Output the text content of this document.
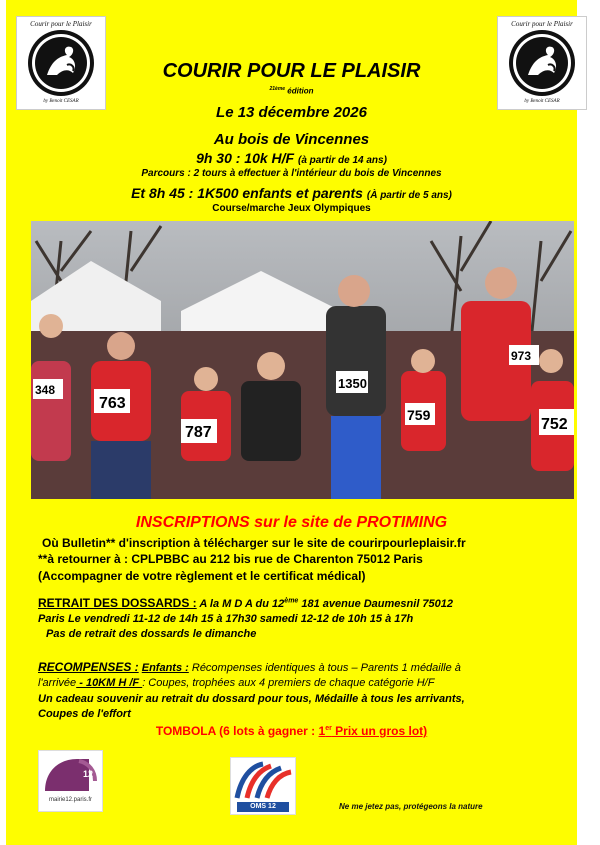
Courir pour le Plaisir
by Benoit CESAR
Courir pour le Plaisir
by Benoit CESAR
COURIR POUR LE PLAISIR
$^{21ème}$ édition
Le 13 décembre 2026
Au bois de Vincennes
9h 30 : 10k H/F (à partir de 14 ans)
Parcours : 2 tours à effectuer à l'intérieur du bois de Vincennes
Et 8h 45 : 1K500 enfants et parents (À partir de 5 ans)
Course/marche Jeux Olympiques
763
787
1350
759
752
348
973
INSCRIPTIONS sur le site de PROTIMING
Où Bulletin** d'inscription à télécharger sur le site de courirpourleplaisir.fr
**à retourner à : CPLPBBC au 212 bis rue de Charenton 75012 Paris
(Accompagner de votre règlement et le certificat médical)
RETRAIT DES DOSSARDS : A la M D A du 12ème 181 avenue Daumesnil 75012
Paris Le vendredi 11-12 de 14h 15 à 17h30 samedi 12-12 de 10h 15 à 17h
Pas de retrait des dossards le dimanche
RECOMPENSES : Enfants : Récompenses identiques à tous – Parents 1 médaille à
l'arrivée - 10KM H /F : Coupes, trophées aux 4 premiers de chaque catégorie H/F
Un cadeau souvenir au retrait du dossard pour tous, Médaille à tous les arrivants,
Coupes de l'effort
TOMBOLA (6 lots à gagner : 1er Prix un gros lot)
12
mairie12.paris.fr
OMS 12	Ne me jetez pas, protégeons la nature
